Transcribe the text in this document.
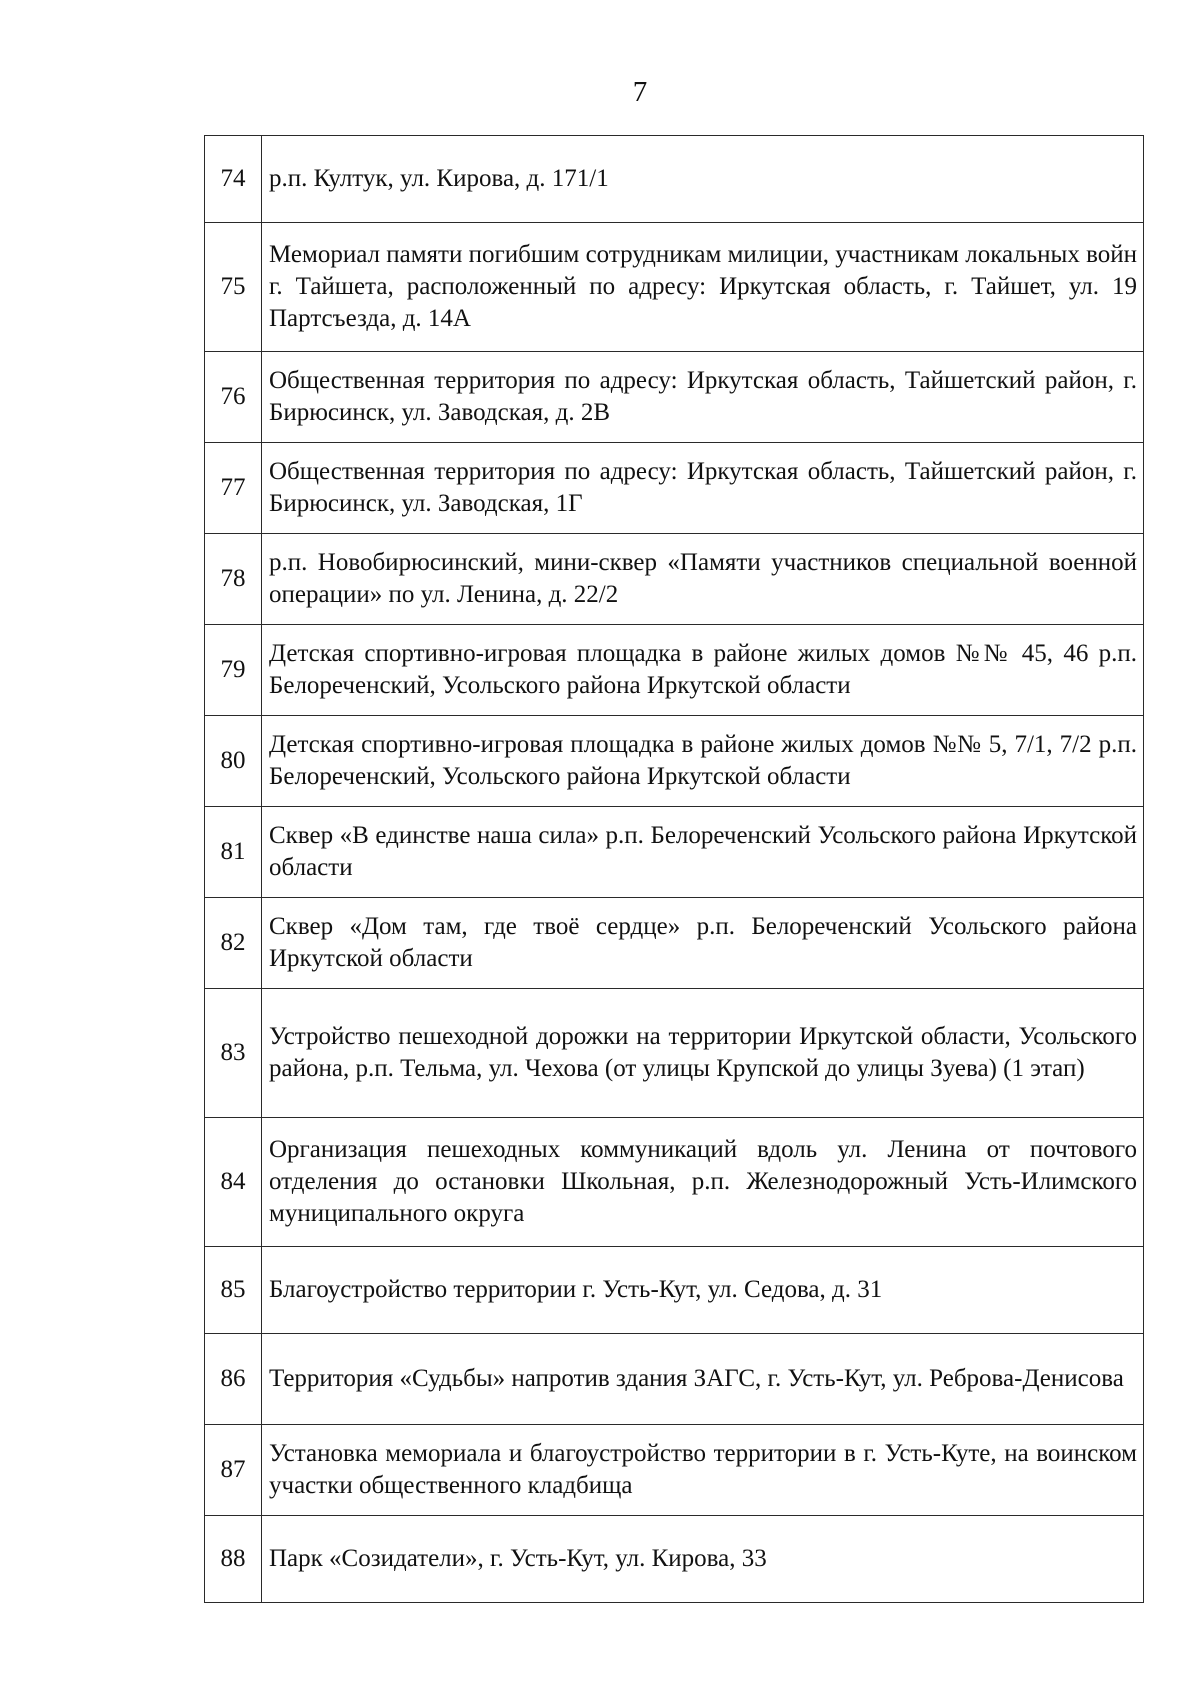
7
74	р.п. Култук, ул. Кирова, д. 171/1
75	Мемориал памяти погибшим сотрудникам милиции, участникам локальных войн г. Тайшета, расположенный по адресу: Иркутская область, г. Тайшет, ул. 19 Партсъезда, д. 14А
76	Общественная территория по адресу: Иркутская область, Тайшетский район, г. Бирюсинск, ул. Заводская, д. 2В
77	Общественная территория по адресу: Иркутская область, Тайшетский район, г. Бирюсинск, ул. Заводская, 1Г
78	р.п. Новобирюсинский, мини-сквер «Памяти участников специальной военной операции» по ул. Ленина, д. 22/2
79	Детская спортивно-игровая площадка в районе жилых домов №№ 45, 46 р.п. Белореченский, Усольского района Иркутской области
80	Детская спортивно-игровая площадка в районе жилых домов №№ 5, 7/1, 7/2 р.п. Белореченский, Усольского района Иркутской области
81	Сквер «В единстве наша сила» р.п. Белореченский Усольского района Иркутской области
82	Сквер «Дом там, где твоё сердце» р.п. Белореченский Усольского района Иркутской области
83	Устройство пешеходной дорожки на территории Иркутской области, Усольского района, р.п. Тельма, ул. Чехова (от улицы Крупской до улицы Зуева) (1 этап)
84	Организация пешеходных коммуникаций вдоль ул. Ленина от почтового отделения до остановки Школьная, р.п. Железнодорожный Усть-Илимского муниципального округа
85	Благоустройство территории г. Усть-Кут, ул. Седова, д. 31
86	Территория «Судьбы» напротив здания ЗАГС, г. Усть-Кут, ул. Реброва-Денисова
87	Установка мемориала и благоустройство территории в г. Усть-Куте, на воинском участки общественного кладбища
88	Парк «Созидатели», г. Усть-Кут, ул. Кирова, 33
